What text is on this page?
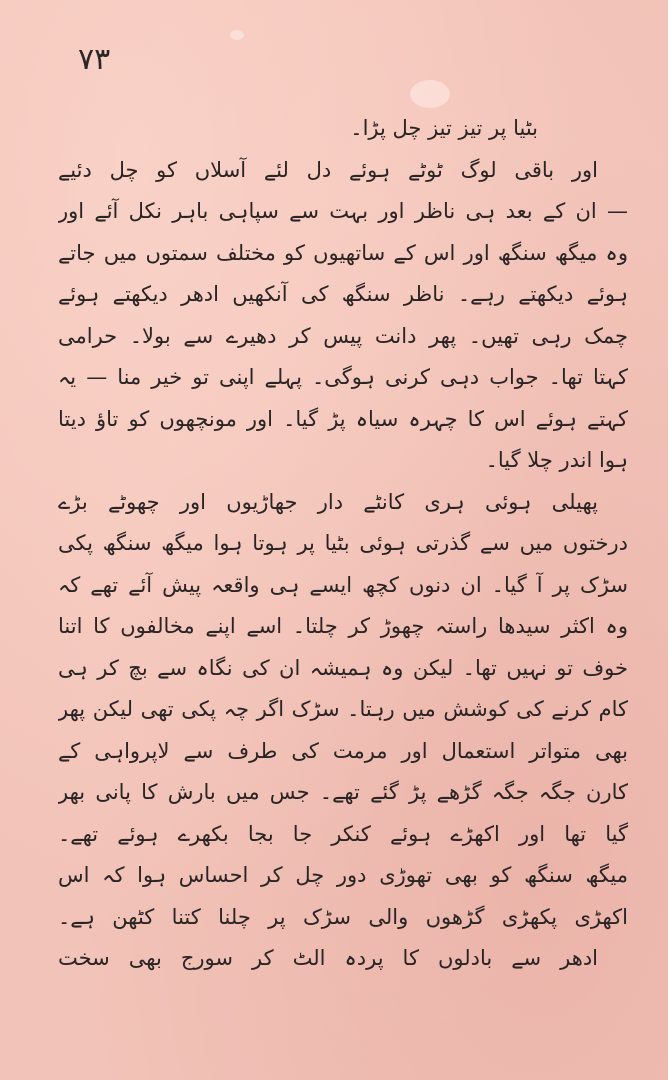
۷۳
بٹیا پر تیز تیز چل پڑا۔
اور باقی لوگ ٹوٹے ہوئے دل لئے آسلاں کو چل دئیے
— ان کے بعد ہی ناظر اور بہت سے سپاہی باہر نکل آئے اور
وہ میگھ سنگھ اور اس کے ساتھیوں کو مختلف سمتوں میں جاتے
ہوئے دیکھتے رہے۔ ناظر سنگھ کی آنکھیں ادھر دیکھتے ہوئے
چمک رہی تھیں۔ پھر دانت پیس کر دھیرے سے بولا۔ حرامی
کہتا تھا۔ جواب دہی کرنی ہوگی۔ پہلے اپنی تو خیر منا — یہ
کہتے ہوئے اس کا چہرہ سیاہ پڑ گیا۔ اور مونچھوں کو تاؤ دیتا
ہوا اندر چلا گیا۔
پھیلی ہوئی ہری کانٹے دار جھاڑیوں اور چھوٹے بڑے
درختوں میں سے گذرتی ہوئی بٹیا پر ہوتا ہوا میگھ سنگھ پکی
سڑک پر آ گیا۔ ان دنوں کچھ ایسے ہی واقعہ پیش آئے تھے کہ
وہ اکثر سیدھا راستہ چھوڑ کر چلتا۔ اسے اپنے مخالفوں کا اتنا
خوف تو نہیں تھا۔ لیکن وہ ہمیشہ ان کی نگاہ سے بچ کر ہی
کام کرنے کی کوشش میں رہتا۔ سڑک اگر چہ پکی تھی لیکن پھر
بھی متواتر استعمال اور مرمت کی طرف سے لاپرواہی کے
کارن جگہ جگہ گڑھے پڑ گئے تھے۔ جس میں بارش کا پانی بھر
گیا تھا اور اکھڑے ہوئے کنکر جا بجا بکھرے ہوئے تھے۔
میگھ سنگھ کو بھی تھوڑی دور چل کر احساس ہوا کہ اس
اکھڑی پکھڑی گڑھوں والی سڑک پر چلنا کتنا کٹھن ہے۔
ادھر سے بادلوں کا پردہ الٹ کر سورج بھی سخت
